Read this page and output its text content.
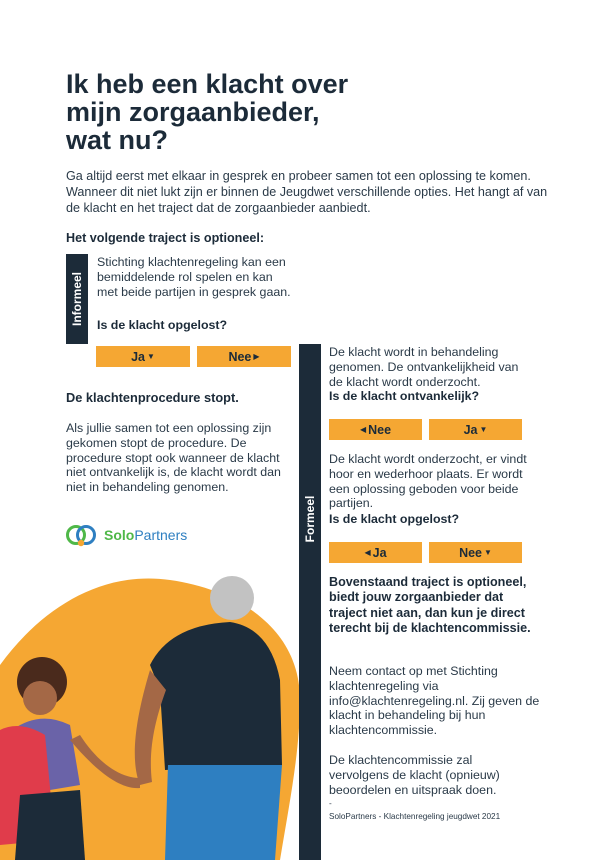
Ik heb een klacht over
mijn zorgaanbieder,
wat nu?

Ga altijd eerst met elkaar in gesprek en probeer samen tot een oplossing te komen. Wanneer dit niet lukt zijn er binnen de Jeugdwet verschillende opties. Het hangt af van de klacht en het traject dat de zorgaanbieder aanbiedt.

Het volgende traject is optioneel:

Informeel

Stichting klachtenregeling kan een bemiddelende rol spelen en kan met beide partijen in gesprek gaan.

Is de klacht opgelost?

Ja ▼	Nee ▶

De klachtenprocedure stopt.

Als jullie samen tot een oplossing zijn gekomen stopt de procedure. De procedure stopt ook wanneer de klacht niet ontvankelijk is, de klacht wordt dan niet in behandeling genomen.

SoloPartners	Formeel

De klacht wordt in behandeling genomen. De ontvankelijkheid van de klacht wordt onderzocht.

Is de klacht ontvankelijk?

◀ Nee	Ja ▼

De klacht wordt onderzocht, er vindt hoor en wederhoor plaats. Er wordt een oplossing geboden voor beide partijen.

Is de klacht opgelost?

◀ Ja	Nee ▼

Bovenstaand traject is optioneel, biedt jouw zorgaanbieder dat traject niet aan, dan kun je direct terecht bij de klachtencommissie.

Neem contact op met Stichting klachtenregeling via info@klachtenregeling.nl. Zij geven de klacht in behandeling bij hun klachtencommissie.

De klachtencommissie zal vervolgens de klacht (opnieuw) beoordelen en uitspraak doen.

-

SoloPartners - Klachtenregeling jeugdwet 2021
